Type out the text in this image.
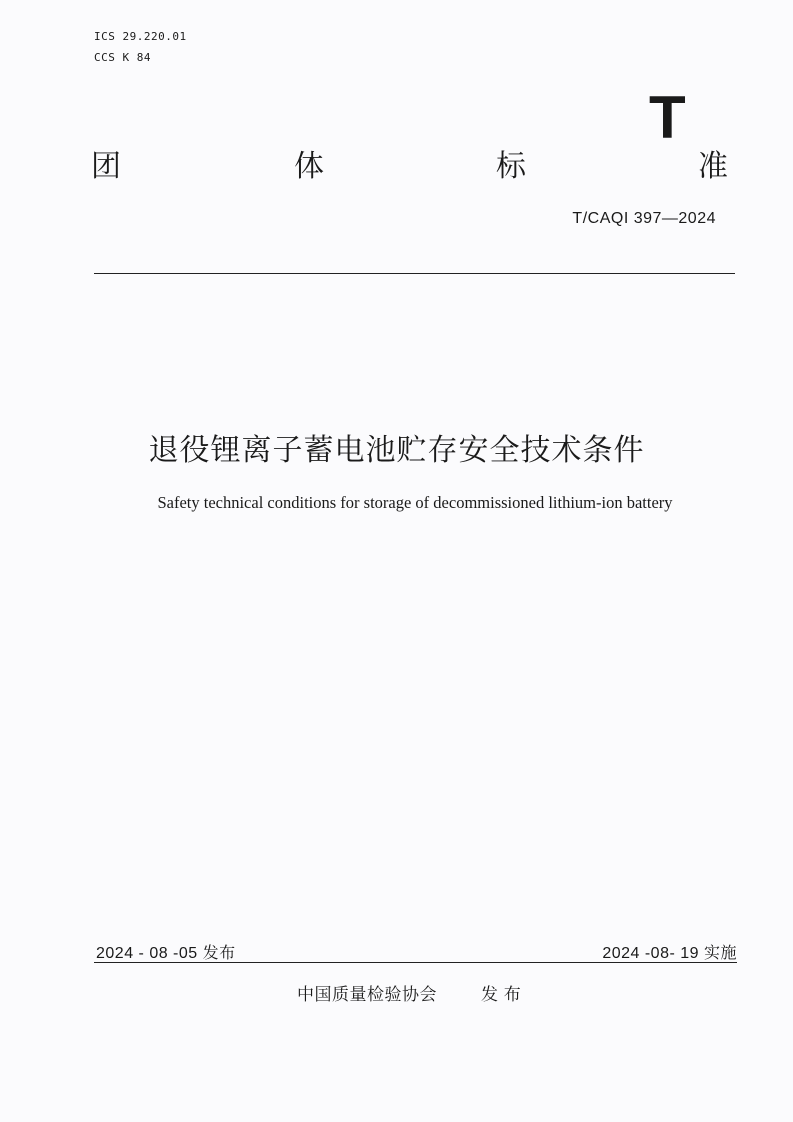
ICS 29.220.01
CCS K 84
T
团	体	标	准
T/CAQI 397—2024
退役锂离子蓄电池贮存安全技术条件
Safety technical conditions for storage of decommissioned lithium-ion battery
2024 - 08 -05 发布	2024 -08- 19 实施
中国质量检验协会	发 布
